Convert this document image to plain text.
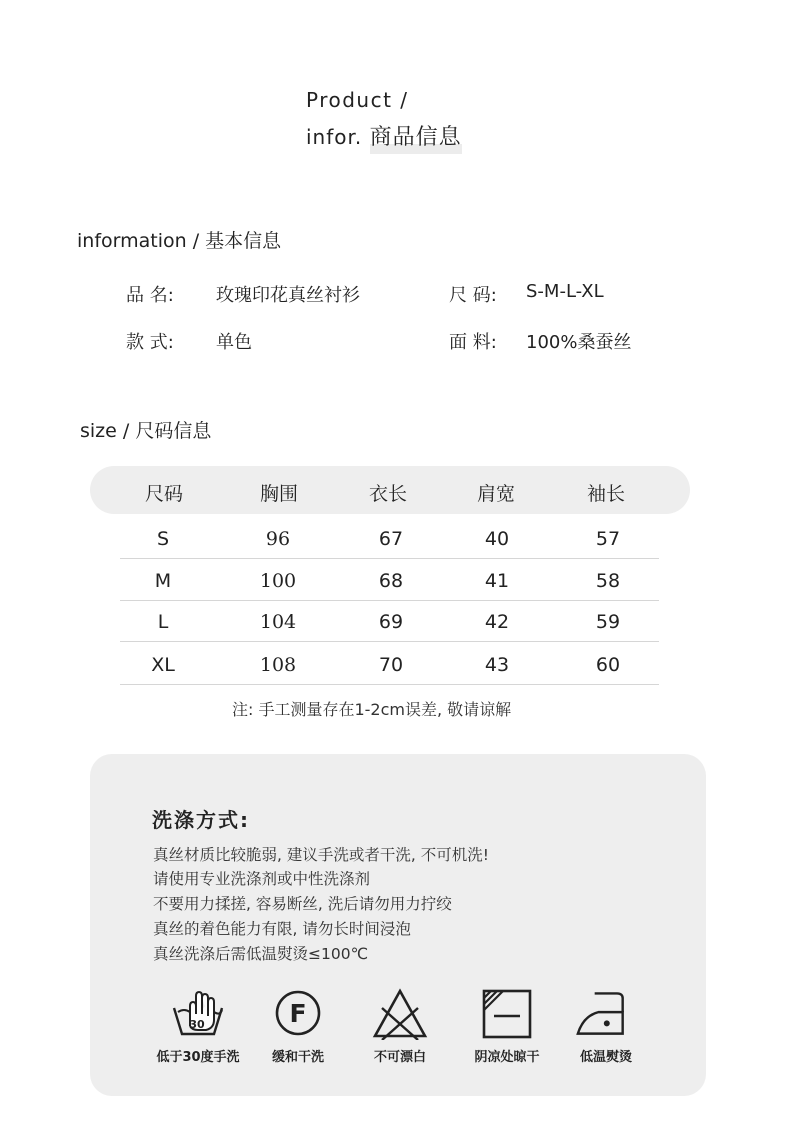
Product /
infor. 商品信息
information / 基本信息
品 名: 玫瑰印花真丝衬衫	尺 码: S-M-L-XL
款 式: 单色	面 料: 100%桑蚕丝
size / 尺码信息
尺码	胸围	衣长	肩宽	袖长
S	96	67	40	57
M	100	68	41	58
L	104	69	42	59
XL	108	70	43	60
注: 手工测量存在1-2cm误差, 敬请谅解
洗涤方式:
真丝材质比较脆弱, 建议手洗或者干洗, 不可机洗!
请使用专业洗涤剂或中性洗涤剂
不要用力揉搓, 容易断丝, 洗后请勿用力拧绞
真丝的着色能力有限, 请勿长时间浸泡
真丝洗涤后需低温熨烫≤100℃
30
低于30度手洗
F
缓和干洗	不可漂白	阴凉处晾干	低温熨烫
